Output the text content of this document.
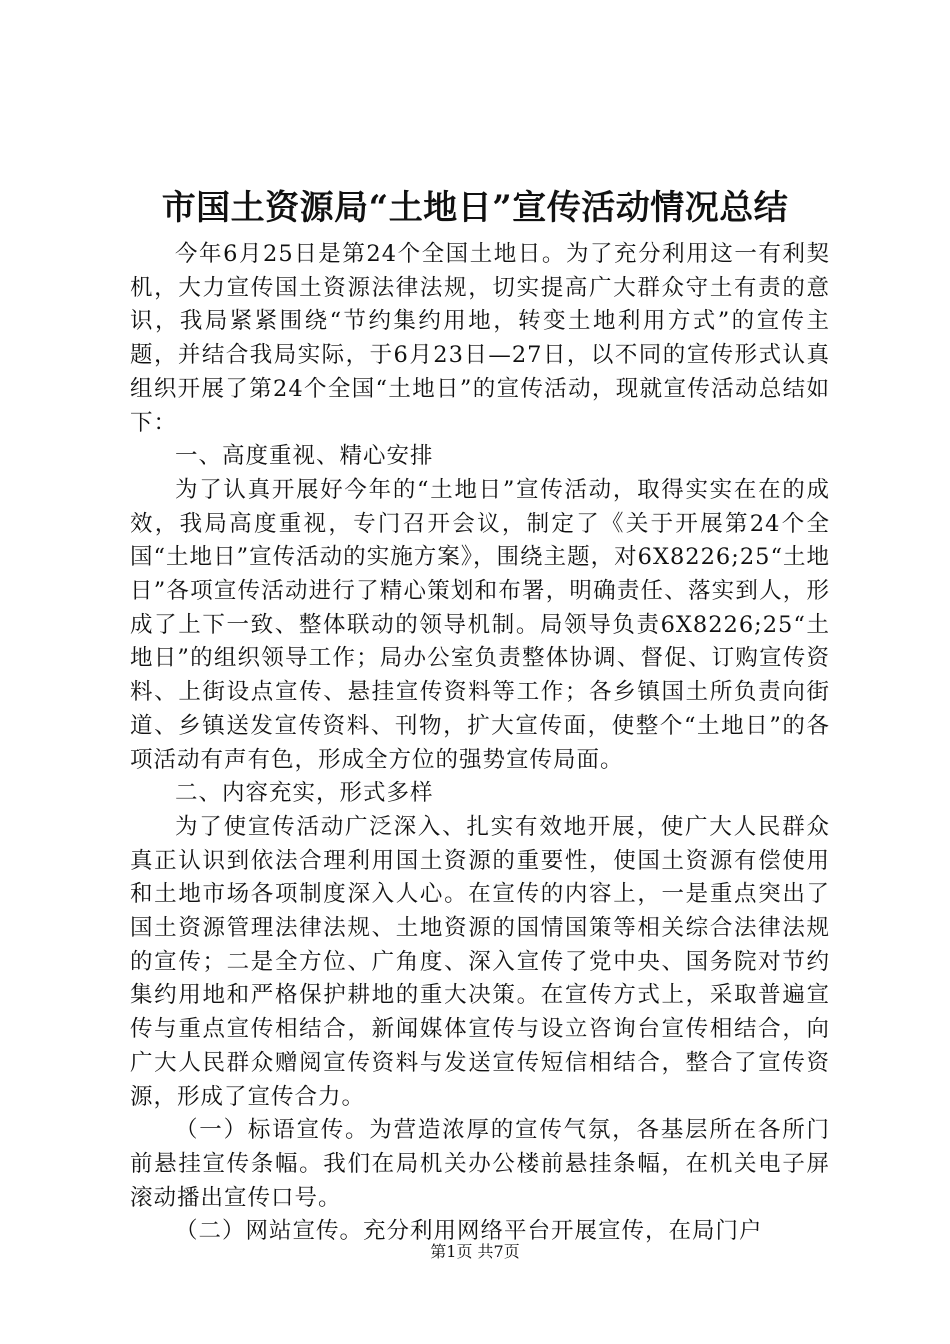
市国土资源局“土地日”宣传活动情况总结

今年6月25日是第24个全国土地日。为了充分利用这一有利契机，大力宣传国土资源法律法规，切实提高广大群众守土有责的意识，我局紧紧围绕“节约集约用地，转变土地利用方式”的宣传主题，并结合我局实际，于6月23日—27日，以不同的宣传形式认真组织开展了第24个全国“土地日”的宣传活动，现就宣传活动总结如下：

一、高度重视、精心安排

为了认真开展好今年的“土地日”宣传活动，取得实实在在的成效，我局高度重视，专门召开会议，制定了《关于开展第24个全国“土地日”宣传活动的实施方案》，围绕主题，对6X8226;25“土地日”各项宣传活动进行了精心策划和布署，明确责任、落实到人，形成了上下一致、整体联动的领导机制。局领导负责6X8226;25“土地日”的组织领导工作；局办公室负责整体协调、督促、订购宣传资料、上街设点宣传、悬挂宣传资料等工作；各乡镇国土所负责向街道、乡镇送发宣传资料、刊物，扩大宣传面，使整个“土地日”的各项活动有声有色，形成全方位的强势宣传局面。

二、内容充实，形式多样

为了使宣传活动广泛深入、扎实有效地开展，使广大人民群众真正认识到依法合理利用国土资源的重要性，使国土资源有偿使用和土地市场各项制度深入人心。在宣传的内容上，一是重点突出了国土资源管理法律法规、土地资源的国情国策等相关综合法律法规的宣传；二是全方位、广角度、深入宣传了党中央、国务院对节约集约用地和严格保护耕地的重大决策。在宣传方式上，采取普遍宣传与重点宣传相结合，新闻媒体宣传与设立咨询台宣传相结合，向广大人民群众赠阅宣传资料与发送宣传短信相结合，整合了宣传资源，形成了宣传合力。

（一）标语宣传。为营造浓厚的宣传气氛，各基层所在各所门前悬挂宣传条幅。我们在局机关办公楼前悬挂条幅，在机关电子屏滚动播出宣传口号。

（二）网站宣传。充分利用网络平台开展宣传，在局门户

第1页 共7页
